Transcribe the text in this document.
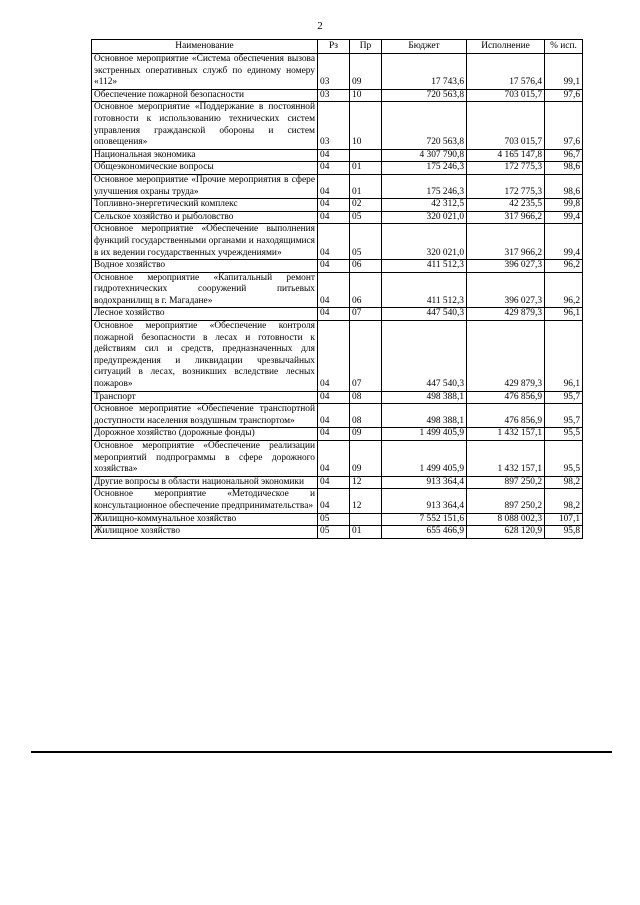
2
Наименование	Рз	Пр	Бюджет	Исполнение	% исп.
Основное мероприятие «Система обеспечения вызова экстренных оперативных служб по единому номеру «112»	03	09	17 743,6	17 576,4	99,1
Обеспечение пожарной безопасности	03	10	720 563,8	703 015,7	97,6
Основное мероприятие «Поддержание в постоянной готовности к использованию технических систем управления гражданской обороны и систем оповещения»	03	10	720 563,8	703 015,7	97,6
Национальная экономика	04		4 307 790,8	4 165 147,8	96,7
Общеэкономические вопросы	04	01	175 246,3	172 775,3	98,6
Основное мероприятие «Прочие мероприятия в сфере улучшения охраны труда»	04	01	175 246,3	172 775,3	98,6
Топливно-энергетический комплекс	04	02	42 312,5	42 235,5	99,8
Сельское хозяйство и рыболовство	04	05	320 021,0	317 966,2	99,4
Основное мероприятие «Обеспечение выполнения функций государственными органами и находящимися в их ведении государственных учреждениями»	04	05	320 021,0	317 966,2	99,4
Водное хозяйство	04	06	411 512,3	396 027,3	96,2
Основное мероприятие «Капитальный ремонт гидротехнических сооружений питьевых водохранилищ в г. Магадане»	04	06	411 512,3	396 027,3	96,2
Лесное хозяйство	04	07	447 540,3	429 879,3	96,1
Основное мероприятие «Обеспечение контроля пожарной безопасности в лесах и готовности к действиям сил и средств, предназначенных для предупреждения и ликвидации чрезвычайных ситуаций в лесах, возникших вследствие лесных пожаров»	04	07	447 540,3	429 879,3	96,1
Транспорт	04	08	498 388,1	476 856,9	95,7
Основное мероприятие «Обеспечение транспортной доступности населения воздушным транспортом»	04	08	498 388,1	476 856,9	95,7
Дорожное хозяйство (дорожные фонды)	04	09	1 499 405,9	1 432 157,1	95,5
Основное мероприятие «Обеспечение реализации мероприятий подпрограммы в сфере дорожного хозяйства»	04	09	1 499 405,9	1 432 157,1	95,5
Другие вопросы в области национальной экономики	04	12	913 364,4	897 250,2	98,2
Основное мероприятие «Методическое и консультационное обеспечение предпринимательства»	04	12	913 364,4	897 250,2	98,2
Жилищно-коммунальное хозяйство	05		7 552 151,6	8 088 002,3	107,1
Жилищное хозяйство	05	01	655 466,9	628 120,9	95,8
